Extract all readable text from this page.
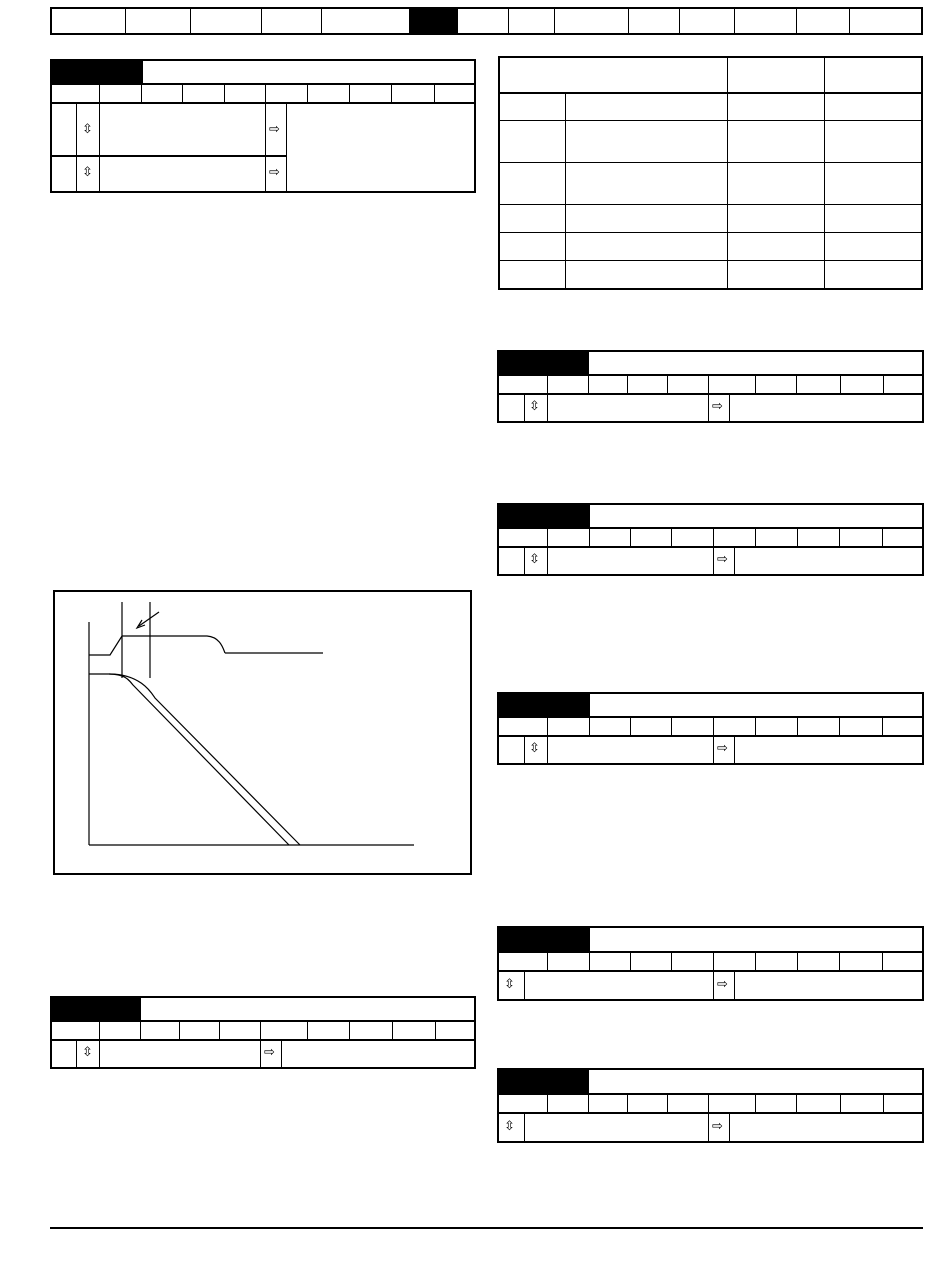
⇳	⇨
⇳	⇨
⇳	⇨
⇳	⇨
⇳	⇨
⇳	⇨
⇳	⇨
⇳	⇨
